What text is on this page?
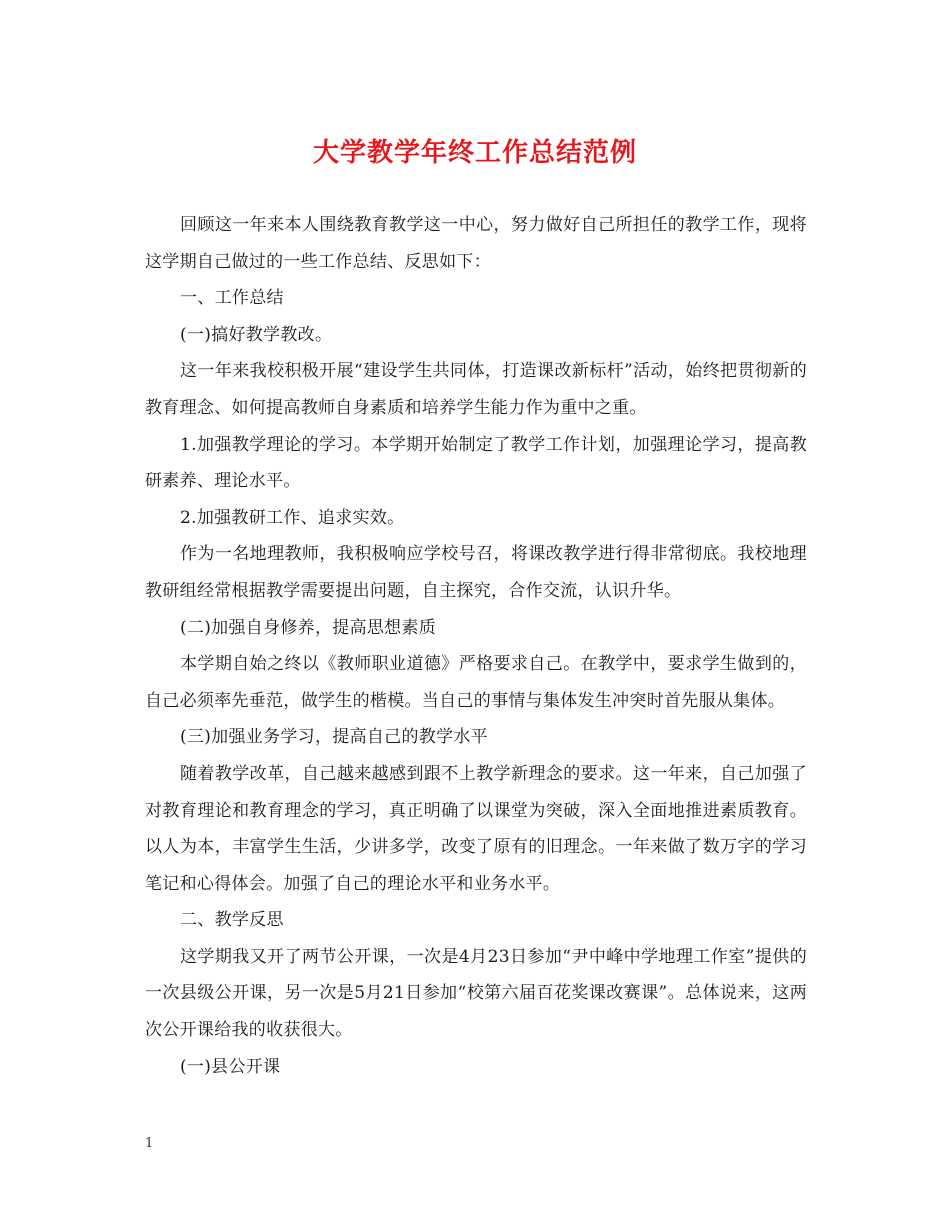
大学教学年终工作总结范例

回顾这一年来本人围绕教育教学这一中心，努力做好自己所担任的教学工作，现将这学期自己做过的一些工作总结、反思如下：

一、工作总结

(一)搞好教学教改。

这一年来我校积极开展“建设学生共同体，打造课改新标杆”活动，始终把贯彻新的教育理念、如何提高教师自身素质和培养学生能力作为重中之重。

1.加强教学理论的学习。本学期开始制定了教学工作计划，加强理论学习，提高教研素养、理论水平。

2.加强教研工作、追求实效。

作为一名地理教师，我积极响应学校号召，将课改教学进行得非常彻底。我校地理教研组经常根据教学需要提出问题，自主探究，合作交流，认识升华。

(二)加强自身修养，提高思想素质

本学期自始之终以《教师职业道德》严格要求自己。在教学中，要求学生做到的，自己必须率先垂范，做学生的楷模。当自己的事情与集体发生冲突时首先服从集体。

(三)加强业务学习，提高自己的教学水平

随着教学改革，自己越来越感到跟不上教学新理念的要求。这一年来，自己加强了对教育理论和教育理念的学习，真正明确了以课堂为突破，深入全面地推进素质教育。以人为本，丰富学生生活，少讲多学，改变了原有的旧理念。一年来做了数万字的学习笔记和心得体会。加强了自己的理论水平和业务水平。

二、教学反思

这学期我又开了两节公开课，一次是4月23日参加“尹中峰中学地理工作室”提供的一次县级公开课，另一次是5月21日参加“校第六届百花奖课改赛课”。总体说来，这两次公开课给我的收获很大。

(一)县公开课

1
